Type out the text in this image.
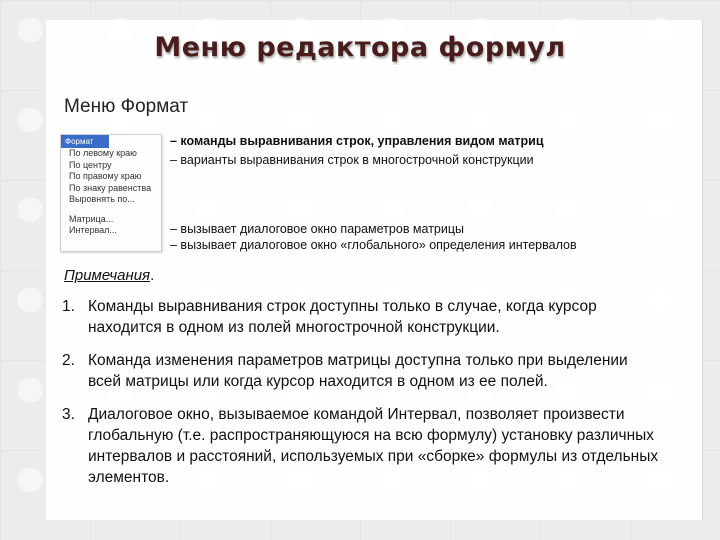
Меню редактора формул
Меню Формат
Формат
По левому краю
По центру
По правому краю
По знаку равенства
Выровнять по...
Матрица...
Интервал...
– команды выравнивания строк, управления видом матриц
– варианты выравнивания строк в многострочной конструкции
– вызывает диалоговое окно параметров матрицы
– вызывает диалоговое окно «глобального» определения интервалов
Примечания.
1. Команды выравнивания строк доступны только в случае, когда курсор находится в одном из полей многострочной конструкции.
2. Команда изменения параметров матрицы доступна только при выделении всей матрицы или когда курсор находится в одном из ее полей.
3. Диалоговое окно, вызываемое командой Интервал, позволяет произвести глобальную (т.е. распространяющуюся на всю формулу) установку различных интервалов и расстояний, используемых при «сборке» формулы из отдельных элементов.
